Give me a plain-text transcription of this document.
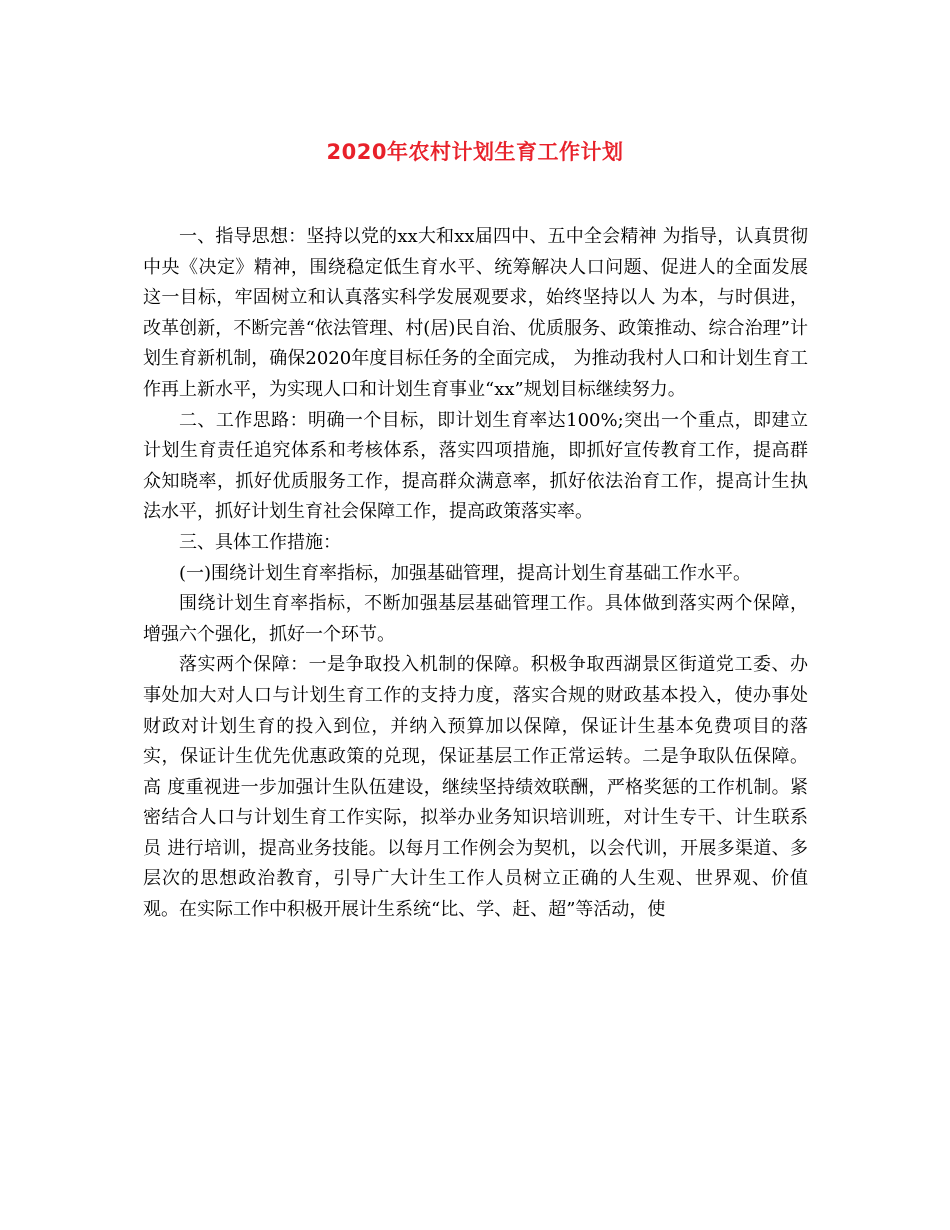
2020年农村计划生育工作计划

一、指导思想：坚持以党的xx大和xx届四中、五中全会精神 为指导，认真贯彻中央《决定》精神，围绕稳定低生育水平、统筹解决人口问题、促进人的全面发展这一目标，牢固树立和认真落实科学发展观要求，始终坚持以人 为本，与时俱进，改革创新，不断完善“依法管理、村(居)民自治、优质服务、政策推动、综合治理”计划生育新机制，确保2020年度目标任务的全面完成， 为推动我村人口和计划生育工作再上新水平，为实现人口和计划生育事业“xx”规划目标继续努力。

二、工作思路：明确一个目标，即计划生育率达100%;突出一个重点，即建立计划生育责任追究体系和考核体系，落实四项措施，即抓好宣传教育工作，提高群众知晓率，抓好优质服务工作，提高群众满意率，抓好依法治育工作，提高计生执法水平，抓好计划生育社会保障工作，提高政策落实率。

三、具体工作措施：

(一)围绕计划生育率指标，加强基础管理，提高计划生育基础工作水平。

围绕计划生育率指标，不断加强基层基础管理工作。具体做到落实两个保障，增强六个强化，抓好一个环节。

落实两个保障：一是争取投入机制的保障。积极争取西湖景区街道党工委、办事处加大对人口与计划生育工作的支持力度，落实合规的财政基本投入，使办事处财政对计划生育的投入到位，并纳入预算加以保障，保证计生基本免费项目的落实，保证计生优先优惠政策的兑现，保证基层工作正常运转。二是争取队伍保障。高 度重视进一步加强计生队伍建设，继续坚持绩效联酬，严格奖惩的工作机制。紧密结合人口与计划生育工作实际，拟举办业务知识培训班，对计生专干、计生联系员 进行培训，提高业务技能。以每月工作例会为契机，以会代训，开展多渠道、多层次的思想政治教育，引导广大计生工作人员树立正确的人生观、世界观、价值观。在实际工作中积极开展计生系统“比、学、赶、超”等活动，使
